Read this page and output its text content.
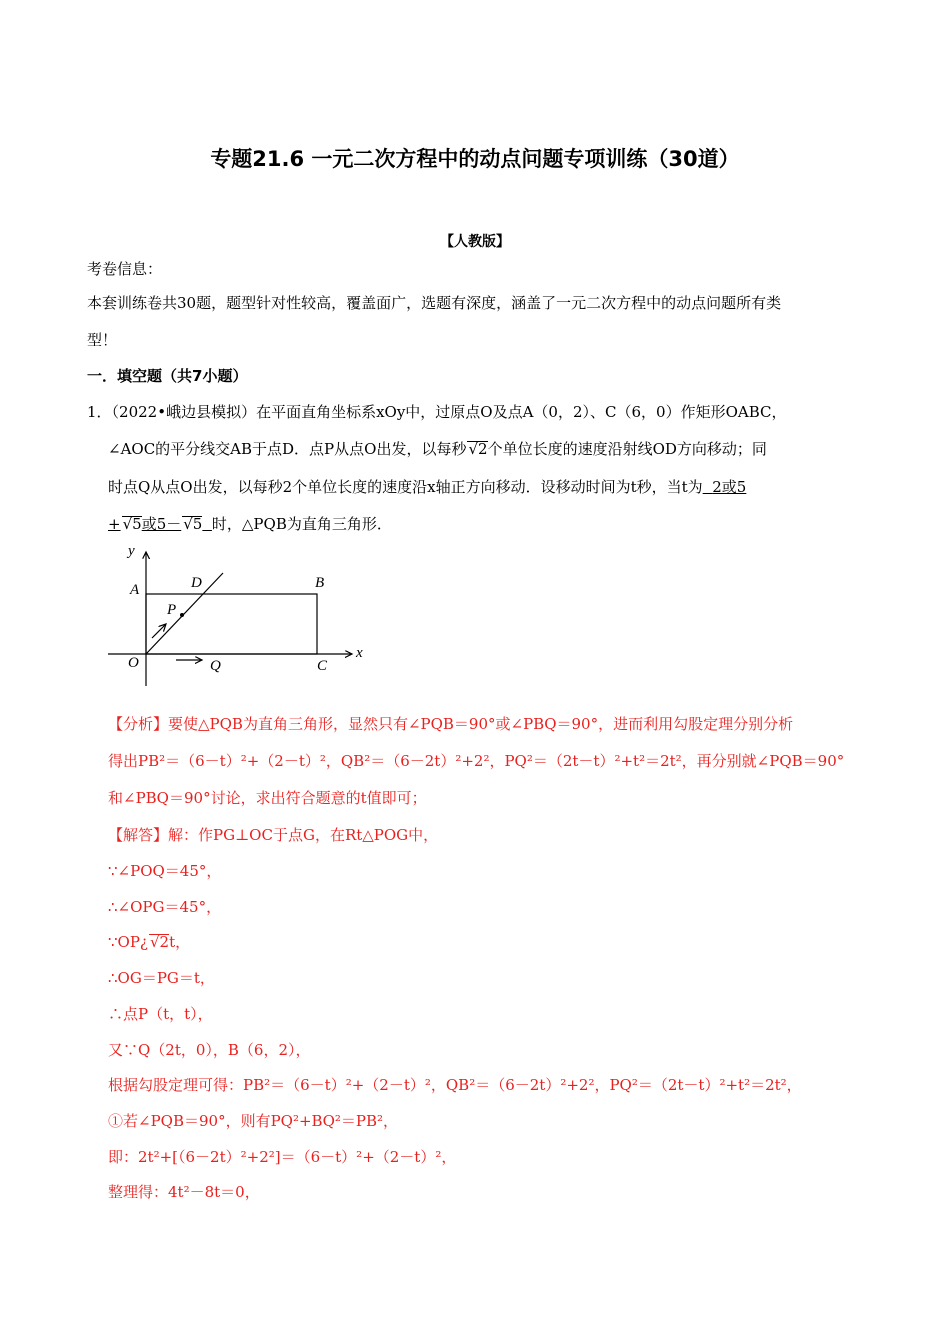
专题21.6 一元二次方程中的动点问题专项训练（30道）
【人教版】
考卷信息：
本套训练卷共30题，题型针对性较高，覆盖面广，选题有深度，涵盖了一元二次方程中的动点问题所有类
型！
一．填空题（共7小题）
1．（2022•峨边县模拟）在平面直角坐标系xOy中，过原点O及点A（0，2）、C（6，0）作矩形OABC，
∠AOC的平分线交AB于点D．点P从点O出发，以每秒 √2个单位长度的速度沿射线OD方向移动；同
时点Q从点O出发，以每秒2个单位长度的速度沿x轴正方向移动．设移动时间为t秒，当t为 2或5
+ √5或5－ √5 时，△PQB为直角三角形．
y
x
A	D	B
P
O	Q	C
【分析】要使△PQB为直角三角形，显然只有∠PQB＝90°或∠PBQ＝90°，进而利用勾股定理分别分析
得出PB²＝（6－t）²+（2－t）²，QB²＝（6－2t）²+2²，PQ²＝（2t－t）²+t²＝2t²，再分别就∠PQB＝90°
和∠PBQ＝90°讨论，求出符合题意的t值即可；
【解答】解：作PG⊥OC于点G，在Rt△POG中，
∵∠POQ＝45°，
∴∠OPG＝45°，
∵OP¿ √2t，
∴OG＝PG＝t，
∴点P（t，t），
又∵Q（2t，0），B（6，2），
根据勾股定理可得：PB²＝（6－t）²+（2－t）²，QB²＝（6－2t）²+2²，PQ²＝（2t－t）²+t²＝2t²，
①若∠PQB＝90°，则有PQ²+BQ²＝PB²，
即：2t²+[（6－2t）²+2²]＝（6－t）²+（2－t）²，
整理得：4t²－8t＝0，
